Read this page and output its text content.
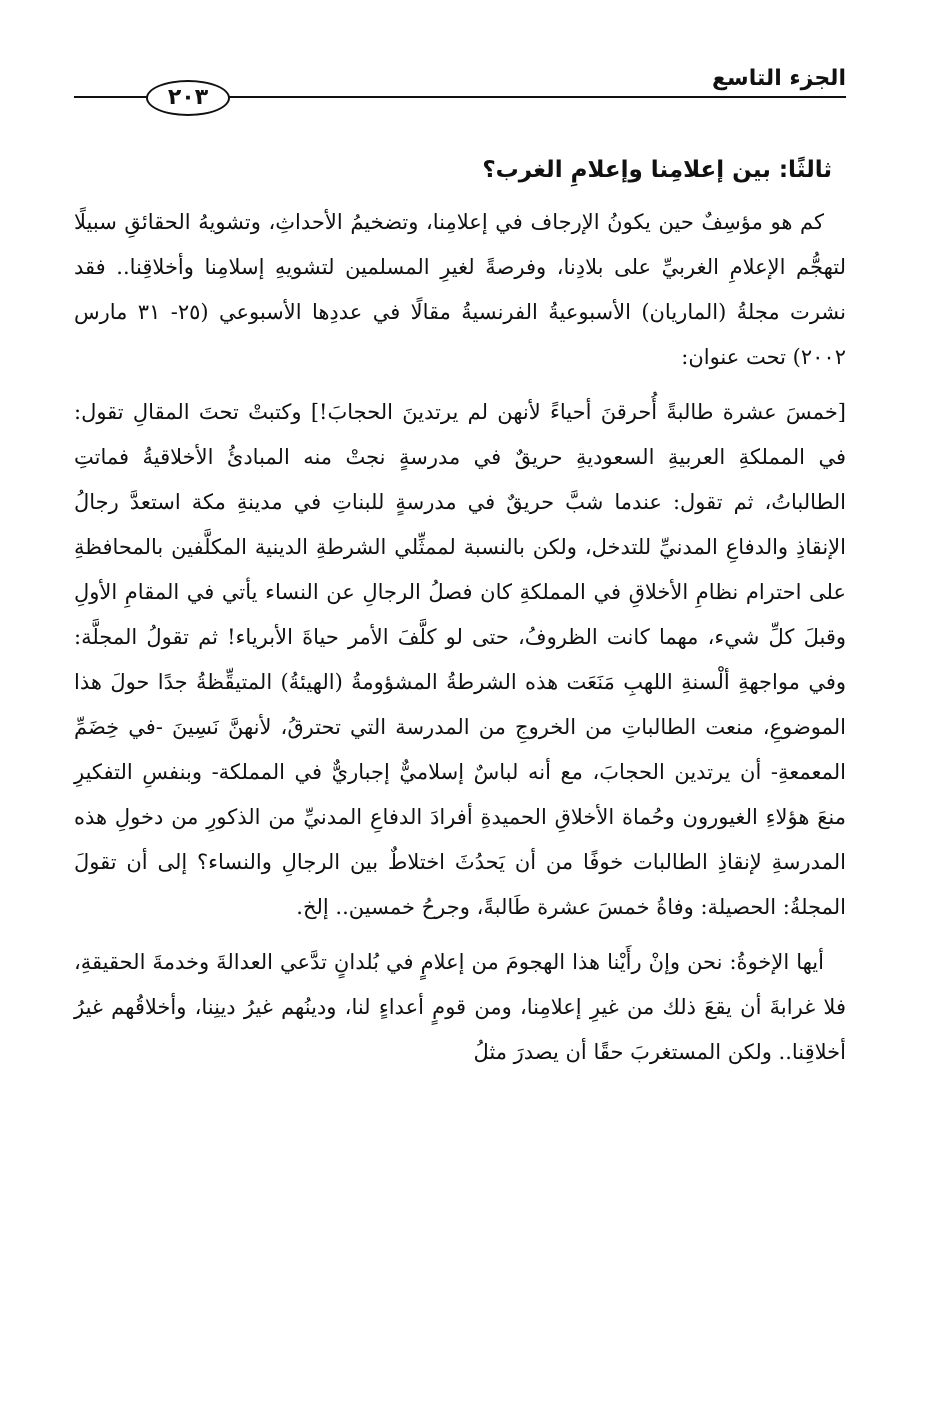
الجزء التاسع
٢٠٣
ثالثًا: بين إعلامِنا وإعلامِ الغرب؟

كم هو مؤسِفٌ حين يكونُ الإرجاف في إعلامِنا، وتضخيمُ الأحداثِ، وتشويهُ الحقائقِ سبيلًا لتهجُّم الإعلامِ الغربيِّ على بلادِنا، وفرصةً لغيرِ المسلمين لتشويهِ إسلامِنا وأخلاقِنا.. فقد نشرت مجلةُ (الماريان) الأسبوعيةُ الفرنسيةُ مقالًا في عددِها الأسبوعي (٢٥- ٣١ مارس ٢٠٠٢) تحت عنوان:

[خمسَ عشرة طالبةً أُحرقنَ أحياءً لأنهن لم يرتدينَ الحجابَ!] وكتبتْ تحتَ المقالِ تقول: في المملكةِ العربيةِ السعوديةِ حريقٌ في مدرسةٍ نجتْ منه المبادئُ الأخلاقيةُ فماتتِ الطالباتُ، ثم تقول: عندما شبَّ حريقٌ في مدرسةٍ للبناتِ في مدينةِ مكة استعدَّ رجالُ الإنقاذِ والدفاعِ المدنيِّ للتدخل، ولكن بالنسبة لممثِّلي الشرطةِ الدينية المكلَّفين بالمحافظةِ على احترام نظامِ الأخلاقِ في المملكةِ كان فصلُ الرجالِ عن النساء يأتي في المقامِ الأولِ وقبلَ كلِّ شيء، مهما كانت الظروفُ، حتى لو كلَّفَ الأمر حياةَ الأبرياء! ثم تقولُ المجلَّة: وفي مواجهةِ ألْسنةِ اللهبِ مَنَعَت هذه الشرطةُ المشؤومةُ (الهيئةُ) المتيقِّظةُ جدًا حولَ هذا الموضوعِ، منعت الطالباتِ من الخروجِ من المدرسة التي تحترقُ، لأنهنَّ نَسِينَ -في خِضَمِّ المعمعةِ- أن يرتدين الحجابَ، مع أنه لباسٌ إسلاميٌّ إجباريٌّ في المملكة- وبنفسِ التفكيرِ منعَ هؤلاءِ الغيورون وحُماة الأخلاقِ الحميدةِ أفرادَ الدفاعِ المدنيِّ من الذكورِ من دخولِ هذه المدرسةِ لإنقاذِ الطالبات خوفًا من أن يَحدُثَ اختلاطٌ بين الرجالِ والنساء؟ إلى أن تقولَ المجلةُ: الحصيلة: وفاةُ خمسَ عشرة طَالبةً، وجرحُ خمسين.. إلخ.

أيها الإخوةُ: نحن وإنْ رأَيْنا هذا الهجومَ من إعلامٍ في بُلدانٍ تدَّعي العدالةَ وخدمةَ الحقيقةِ، فلا غرابةَ أن يقعَ ذلك من غيرِ إعلامِنا، ومن قومٍ أعداءٍ لنا، ودينُهم غيرُ دينِنا، وأخلاقُهم غيرُ أخلاقِنا.. ولكن المستغربَ حقًا أن يصدرَ مثلُ
